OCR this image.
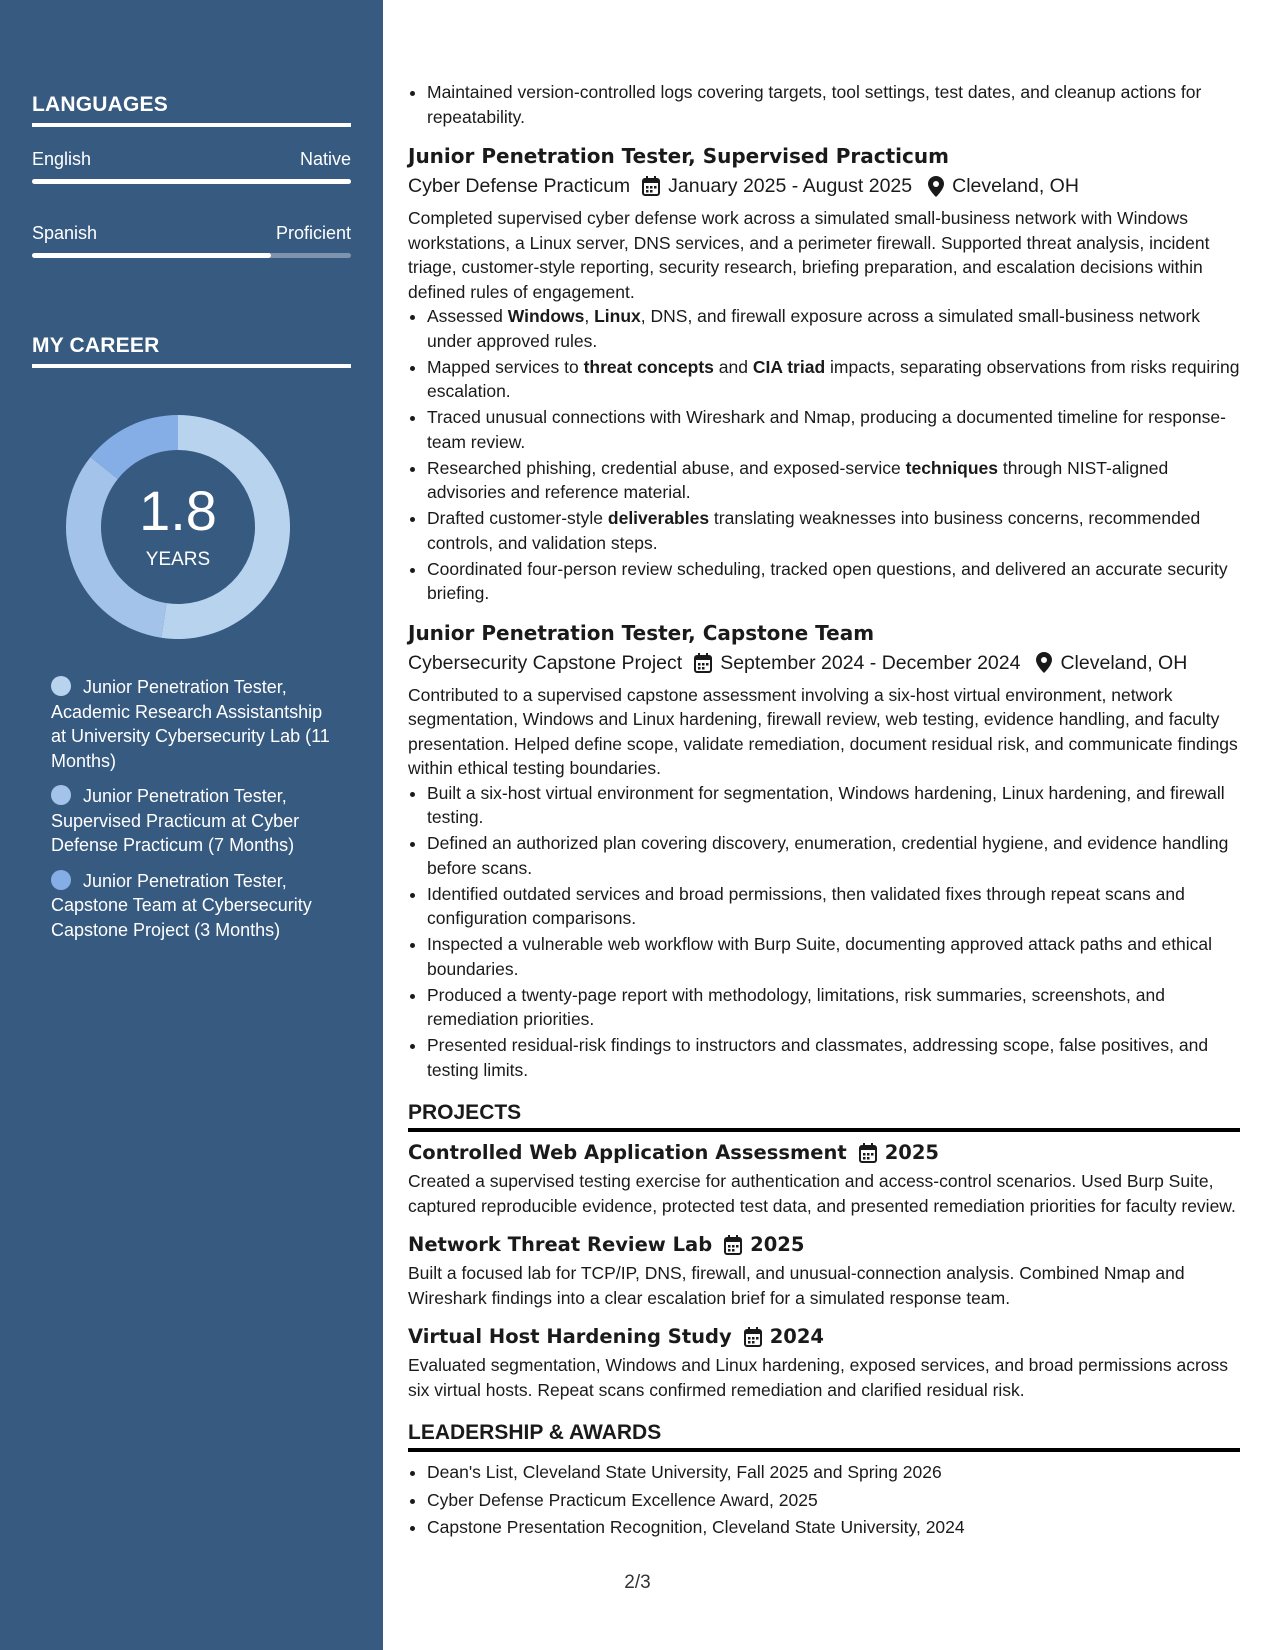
LANGUAGES
English	Native
Spanish	Proficient
MY CAREER
1.8
YEARS
Junior Penetration Tester, Academic Research Assistantship at University Cybersecurity Lab (11 Months)
Junior Penetration Tester, Supervised Practicum at Cyber Defense Practicum (7 Months)
Junior Penetration Tester, Capstone Team at Cybersecurity Capstone Project (3 Months)
• Maintained version-controlled logs covering targets, tool settings, test dates, and cleanup actions for repeatability.
Junior Penetration Tester, Supervised Practicum
Cyber Defense Practicum January 2025 - August 2025 Cleveland, OH

Completed supervised cyber defense work across a simulated small-business network with Windows workstations, a Linux server, DNS services, and a perimeter firewall. Supported threat analysis, incident triage, customer-style reporting, security research, briefing preparation, and escalation decisions within defined rules of engagement.

• Assessed Windows, Linux, DNS, and firewall exposure across a simulated small-business network under approved rules.
• Mapped services to threat concepts and CIA triad impacts, separating observations from risks requiring escalation.
• Traced unusual connections with Wireshark and Nmap, producing a documented timeline for response-team review.
• Researched phishing, credential abuse, and exposed-service techniques through NIST-aligned advisories and reference material.
• Drafted customer-style deliverables translating weaknesses into business concerns, recommended controls, and validation steps.
• Coordinated four-person review scheduling, tracked open questions, and delivered an accurate security briefing.
Junior Penetration Tester, Capstone Team
Cybersecurity Capstone Project September 2024 - December 2024 Cleveland, OH

Contributed to a supervised capstone assessment involving a six-host virtual environment, network segmentation, Windows and Linux hardening, firewall review, web testing, evidence handling, and faculty presentation. Helped define scope, validate remediation, document residual risk, and communicate findings within ethical testing boundaries.

• Built a six-host virtual environment for segmentation, Windows hardening, Linux hardening, and firewall testing.
• Defined an authorized plan covering discovery, enumeration, credential hygiene, and evidence handling before scans.
• Identified outdated services and broad permissions, then validated fixes through repeat scans and configuration comparisons.
• Inspected a vulnerable web workflow with Burp Suite, documenting approved attack paths and ethical boundaries.
• Produced a twenty-page report with methodology, limitations, risk summaries, screenshots, and remediation priorities.
• Presented residual-risk findings to instructors and classmates, addressing scope, false positives, and testing limits.
PROJECTS
Controlled Web Application Assessment 2025

Created a supervised testing exercise for authentication and access-control scenarios. Used Burp Suite, captured reproducible evidence, protected test data, and presented remediation priorities for faculty review.

Network Threat Review Lab 2025

Built a focused lab for TCP/IP, DNS, firewall, and unusual-connection analysis. Combined Nmap and Wireshark findings into a clear escalation brief for a simulated response team.

Virtual Host Hardening Study 2024

Evaluated segmentation, Windows and Linux hardening, exposed services, and broad permissions across six virtual hosts. Repeat scans confirmed remediation and clarified residual risk.

LEADERSHIP & AWARDS
• Dean's List, Cleveland State University, Fall 2025 and Spring 2026
• Cyber Defense Practicum Excellence Award, 2025
• Capstone Presentation Recognition, Cleveland State University, 2024
2/3
